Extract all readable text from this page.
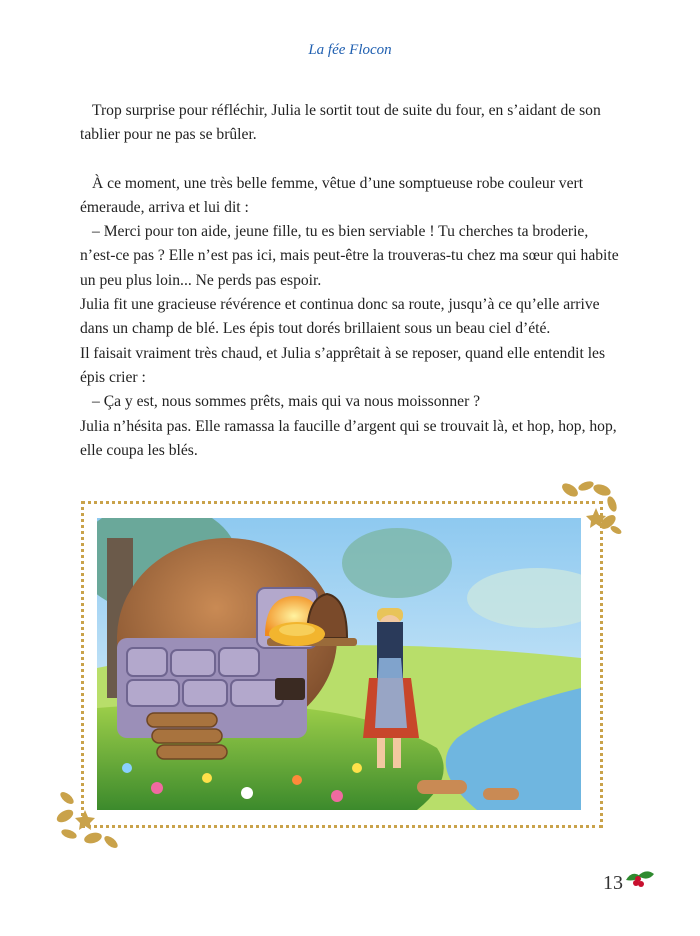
La fée Flocon

Trop surprise pour réfléchir, Julia le sortit tout de suite du four, en s’aidant de son tablier pour ne pas se brûler.

À ce moment, une très belle femme, vêtue d’une somptueuse robe couleur vert émeraude, arriva et lui dit :

– Merci pour ton aide, jeune fille, tu es bien serviable ! Tu cherches ta broderie, n’est-ce pas ? Elle n’est pas ici, mais peut-être la trouveras-tu chez ma sœur qui habite un peu plus loin... Ne perds pas espoir.

Julia fit une gracieuse révérence et continua donc sa route, jusqu’à ce qu’elle arrive dans un champ de blé. Les épis tout dorés brillaient sous un beau ciel d’été.

Il faisait vraiment très chaud, et Julia s’apprêtait à se reposer, quand elle entendit les épis crier :

– Ça y est, nous sommes prêts, mais qui va nous moissonner ?

Julia n’hésita pas. Elle ramassa la faucille d’argent qui se trouvait là, et hop, hop, hop, elle coupa les blés.

13
